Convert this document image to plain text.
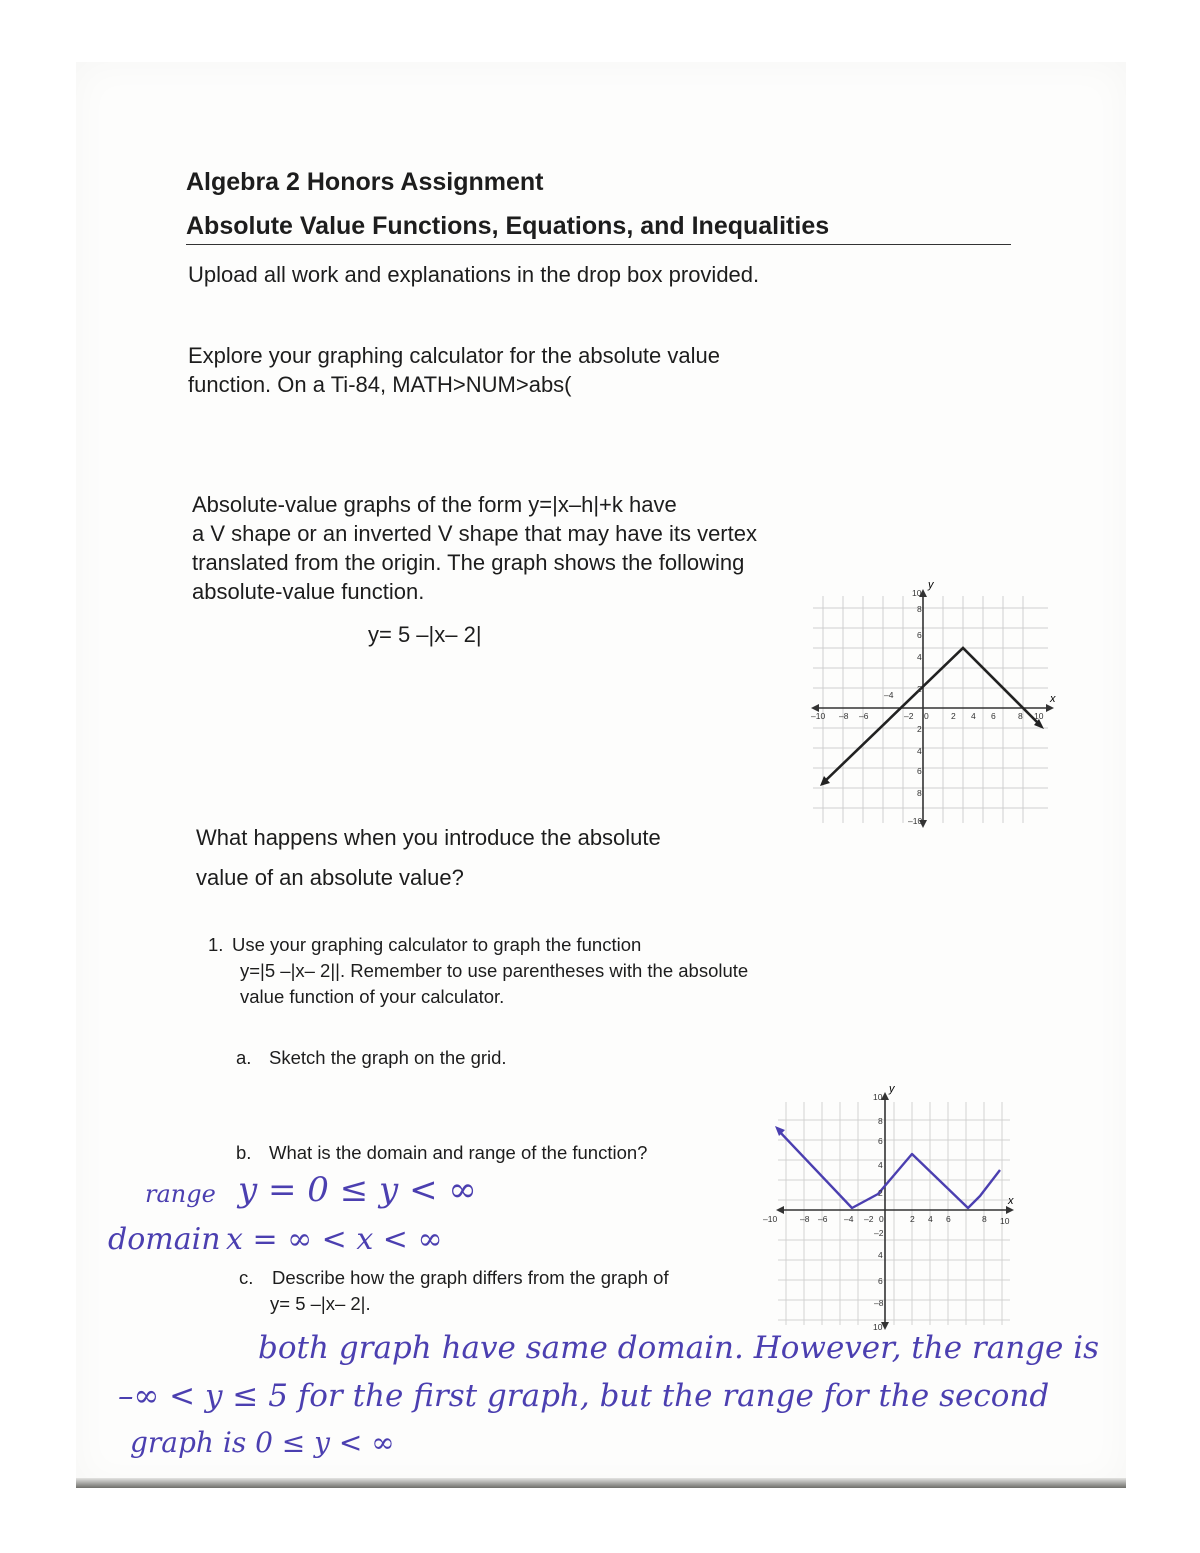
Algebra 2 Honors Assignment
Absolute Value Functions, Equations, and Inequalities
Upload all work and explanations in the drop box provided.
Explore your graphing calculator for the absolute value
function. On a Ti-84, MATH>NUM>abs(
Absolute-value graphs of the form y=|x–h|+k have
a V shape or an inverted V shape that may have its vertex
translated from the origin. The graph shows the following
absolute-value function.
y= 5 –|x– 2|
x
y
–10 –8 –6	–2 0	2 4 6	8 10
10
8
6
4
2
2
4
6
8
–10
–4
What happens when you introduce the absolute
value of an absolute value?
1. Use your graphing calculator to graph the function
y=|5 –|x– 2||. Remember to use parentheses with the absolute
value function of your calculator.
a. Sketch the graph on the grid.
b. What is the domain and range of the function?
c. Describe how the graph differs from the graph of
y= 5 –|x– 2|.
x
y
–10	–8 –6 –4 –2 0	2 4 6	8 10
10
8
6
4
2
–2
4
6
–8
10
range y = 0 ≤ y < ∞
domain x = ∞ < x < ∞
both graph have same domain. However, the range is
–∞ < y ≤ 5 for the first graph, but the range for the second
graph is 0 ≤ y < ∞
